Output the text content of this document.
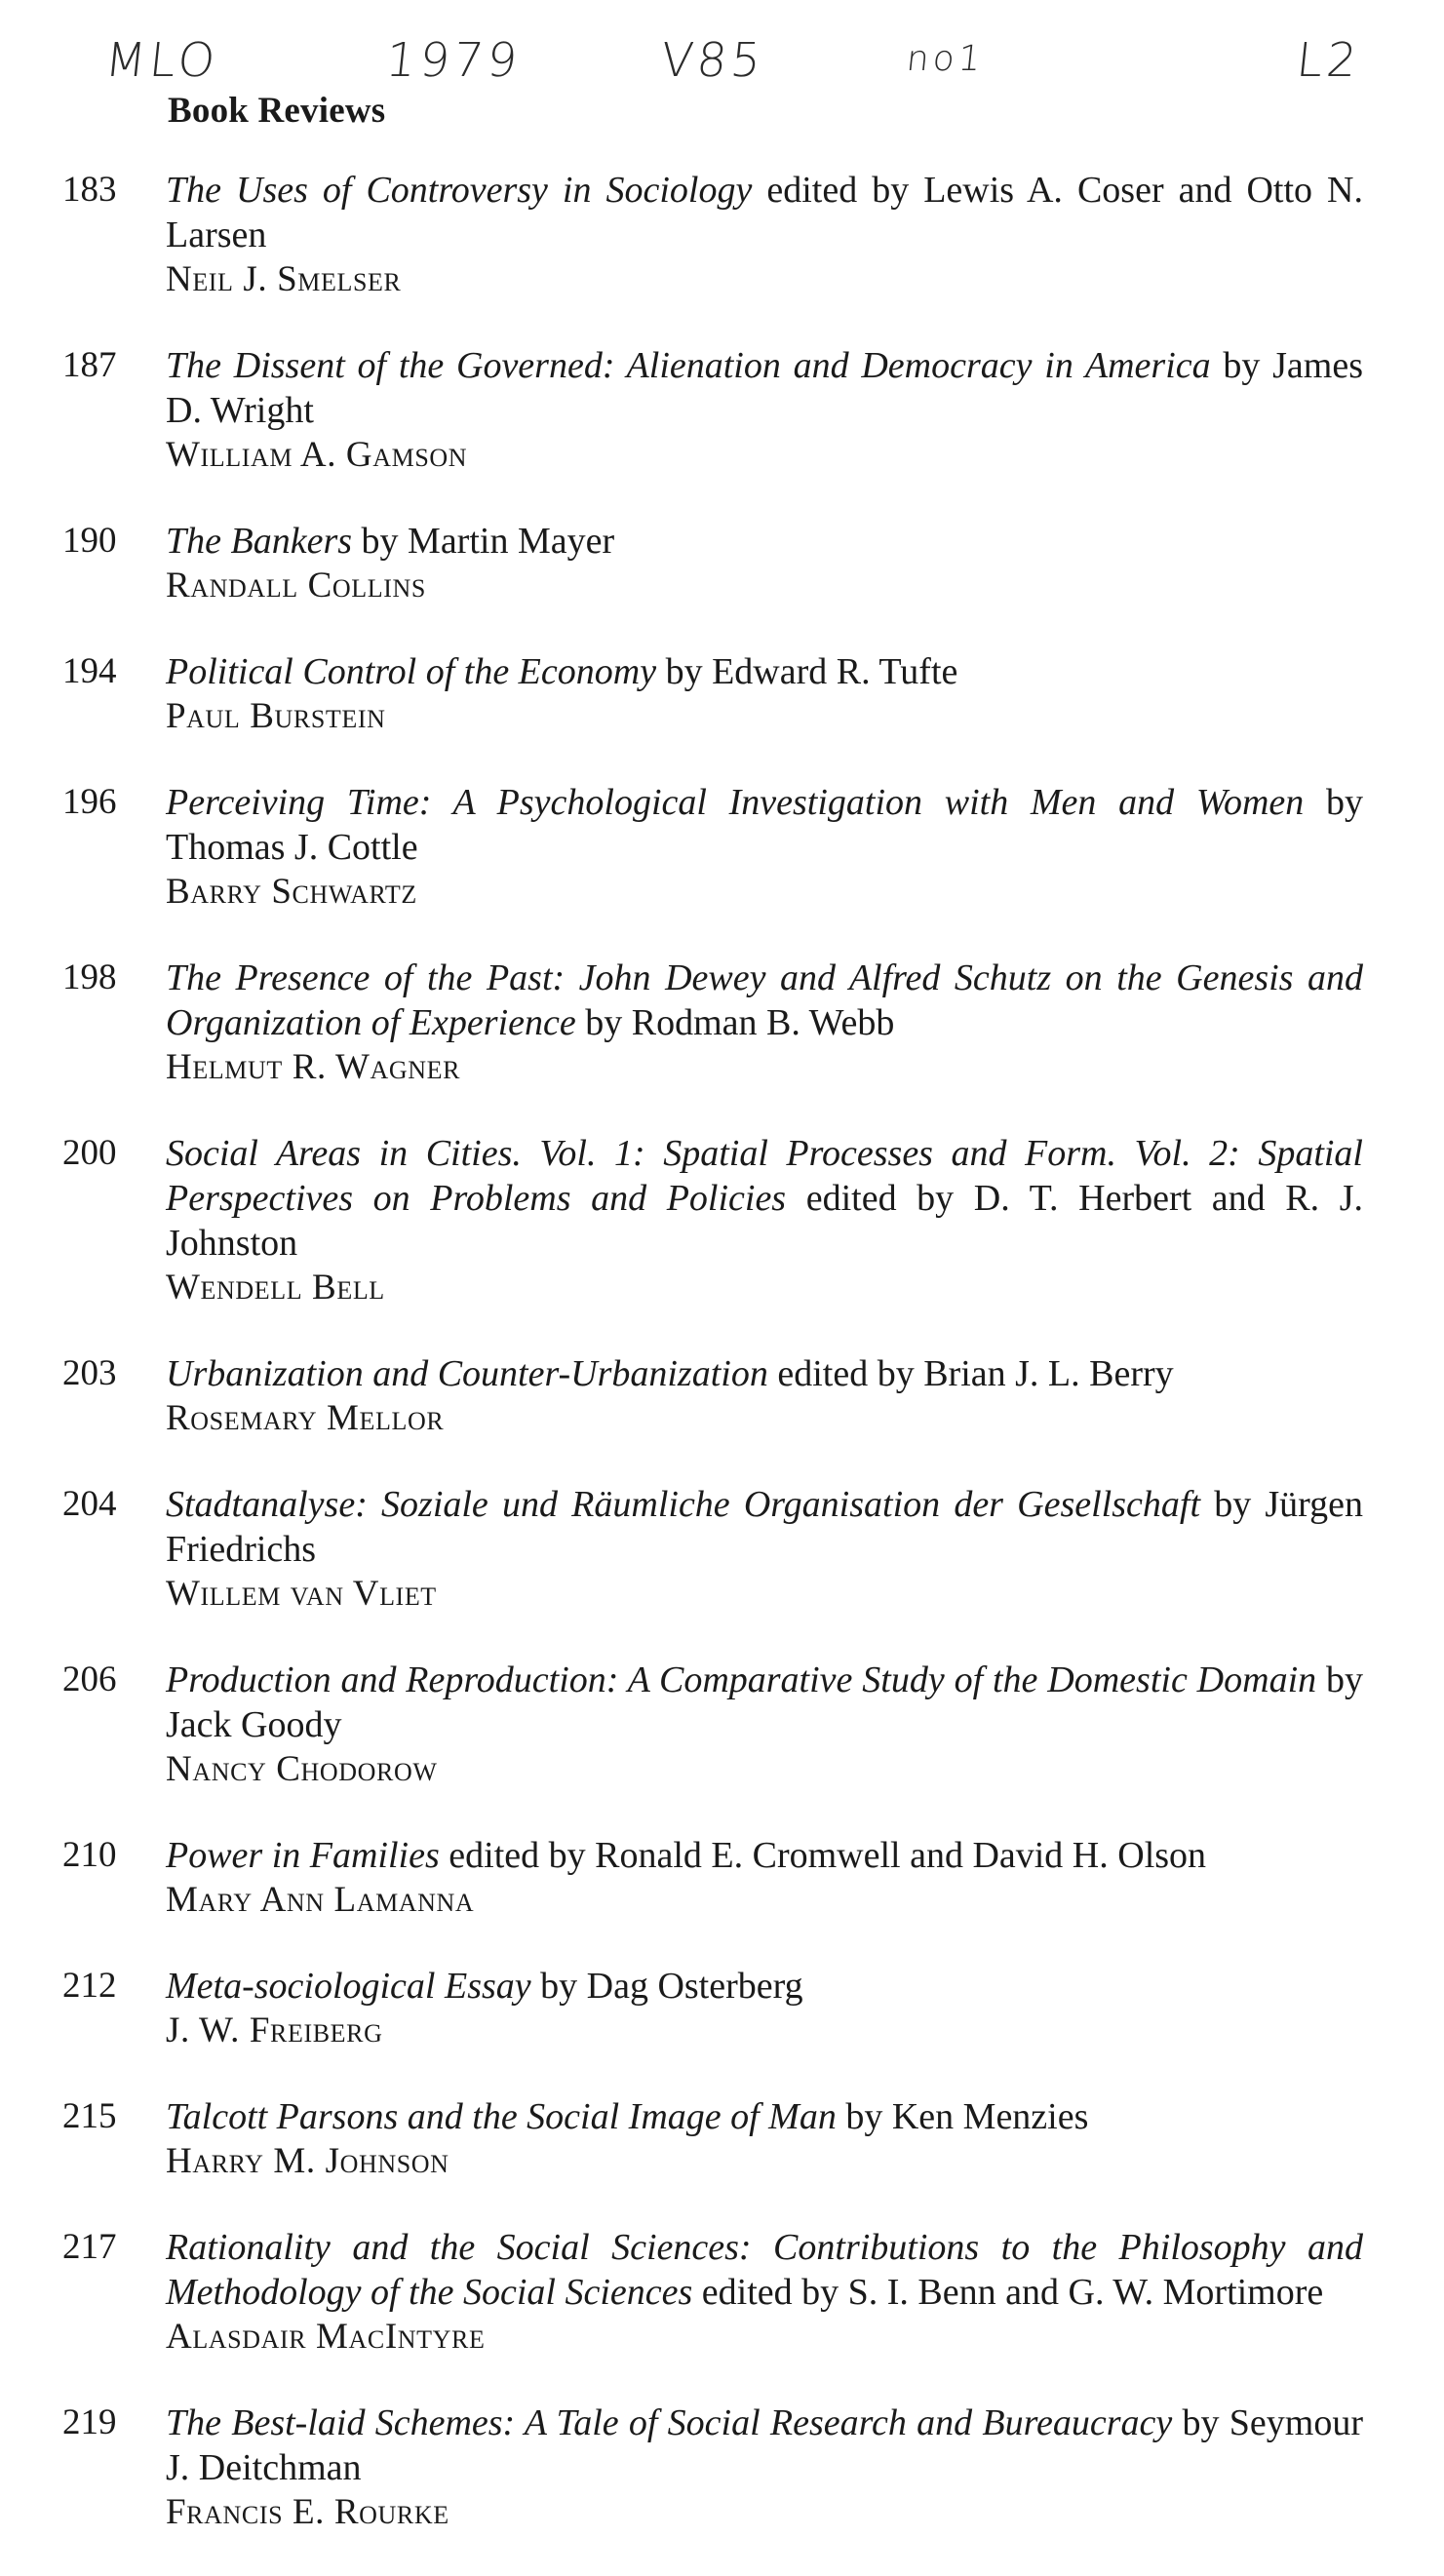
MLO	1979	V85	no1	L2
Book Reviews
183 The Uses of Controversy in Sociology edited by Lewis A. Coser and Otto N. Larsen
Neil J. Smelser
187 The Dissent of the Governed: Alienation and Democracy in America by James D. Wright
William A. Gamson
190 The Bankers by Martin Mayer
Randall Collins
194 Political Control of the Economy by Edward R. Tufte
Paul Burstein
196 Perceiving Time: A Psychological Investigation with Men and Women by Thomas J. Cottle
Barry Schwartz
198 The Presence of the Past: John Dewey and Alfred Schutz on the Genesis and Organization of Experience by Rodman B. Webb
Helmut R. Wagner
200 Social Areas in Cities. Vol. 1: Spatial Processes and Form. Vol. 2: Spatial Perspectives on Problems and Policies edited by D. T. Herbert and R. J. Johnston
Wendell Bell
203 Urbanization and Counter-Urbanization edited by Brian J. L. Berry
Rosemary Mellor
204 Stadtanalyse: Soziale und Räumliche Organisation der Gesellschaft by Jürgen Friedrichs
Willem van Vliet
206 Production and Reproduction: A Comparative Study of the Domestic Domain by Jack Goody
Nancy Chodorow
210 Power in Families edited by Ronald E. Cromwell and David H. Olson
Mary Ann Lamanna
212 Meta-sociological Essay by Dag Osterberg
J. W. Freiberg
215 Talcott Parsons and the Social Image of Man by Ken Menzies
Harry M. Johnson
217 Rationality and the Social Sciences: Contributions to the Philosophy and Methodology of the Social Sciences edited by S. I. Benn and G. W. Mortimore
Alasdair MacIntyre
219 The Best-laid Schemes: A Tale of Social Research and Bureaucracy by Seymour J. Deitchman
Francis E. Rourke
